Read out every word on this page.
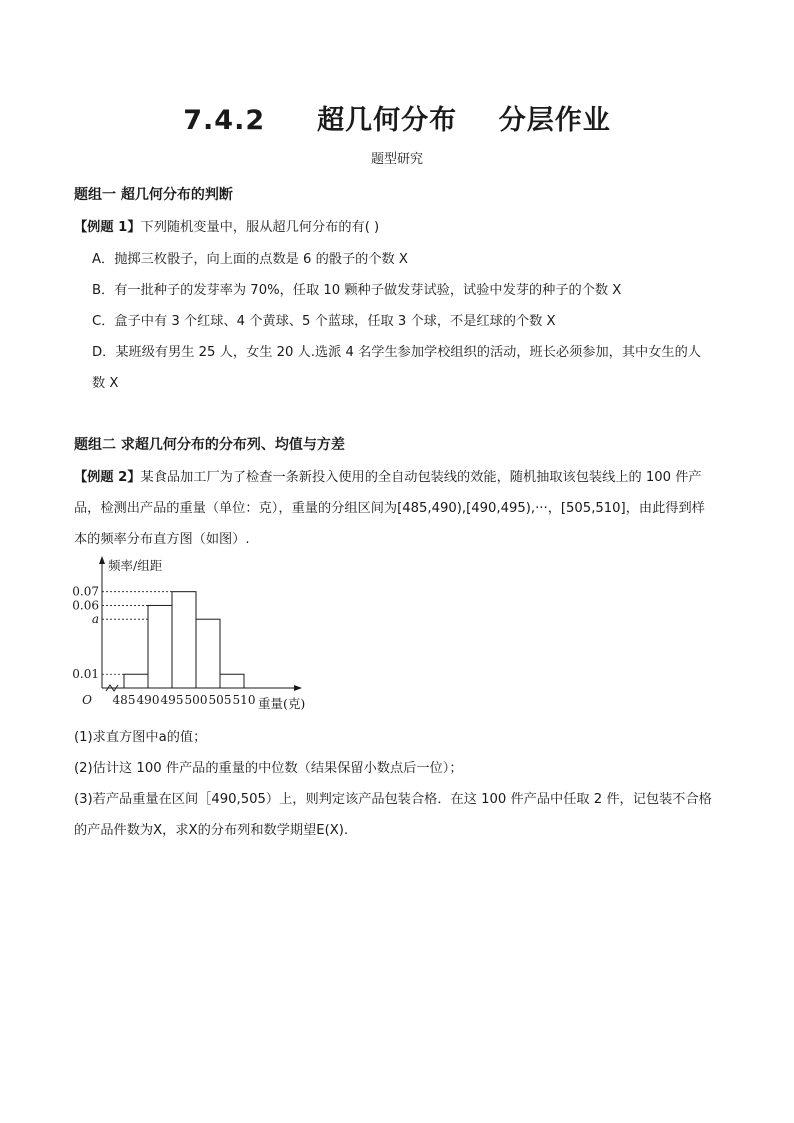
7.4.2     超几何分布    分层作业
题型研究
题组一 超几何分布的判断
【例题 1】下列随机变量中，服从超几何分布的有( )
A．抛掷三枚骰子，向上面的点数是 6 的骰子的个数 X
B．有一批种子的发芽率为 70%，任取 10 颗种子做发芽试验，试验中发芽的种子的个数 X
C．盒子中有 3 个红球、4 个黄球、5 个蓝球，任取 3 个球，不是红球的个数 X
D．某班级有男生 25 人，女生 20 人.选派 4 名学生参加学校组织的活动，班长必须参加，其中女生的人
数 X
题组二 求超几何分布的分布列、均值与方差
【例题 2】某食品加工厂为了检查一条新投入使用的全自动包装线的效能，随机抽取该包装线上的 100 件产
品，检测出产品的重量（单位：克），重量的分组区间为[485,490),[490,495),···，[505,510]，由此得到样
本的频率分布直方图（如图）.
0.07
0.06
a
0.01
485 490 495 500 505 510
O
频率/组距
重量(克)
(1)求直方图中a的值；
(2)估计这 100 件产品的重量的中位数（结果保留小数点后一位）；
(3)若产品重量在区间［490,505）上，则判定该产品包装合格．在这 100 件产品中任取 2 件，记包装不合格
的产品件数为X，求X的分布列和数学期望E(X).
